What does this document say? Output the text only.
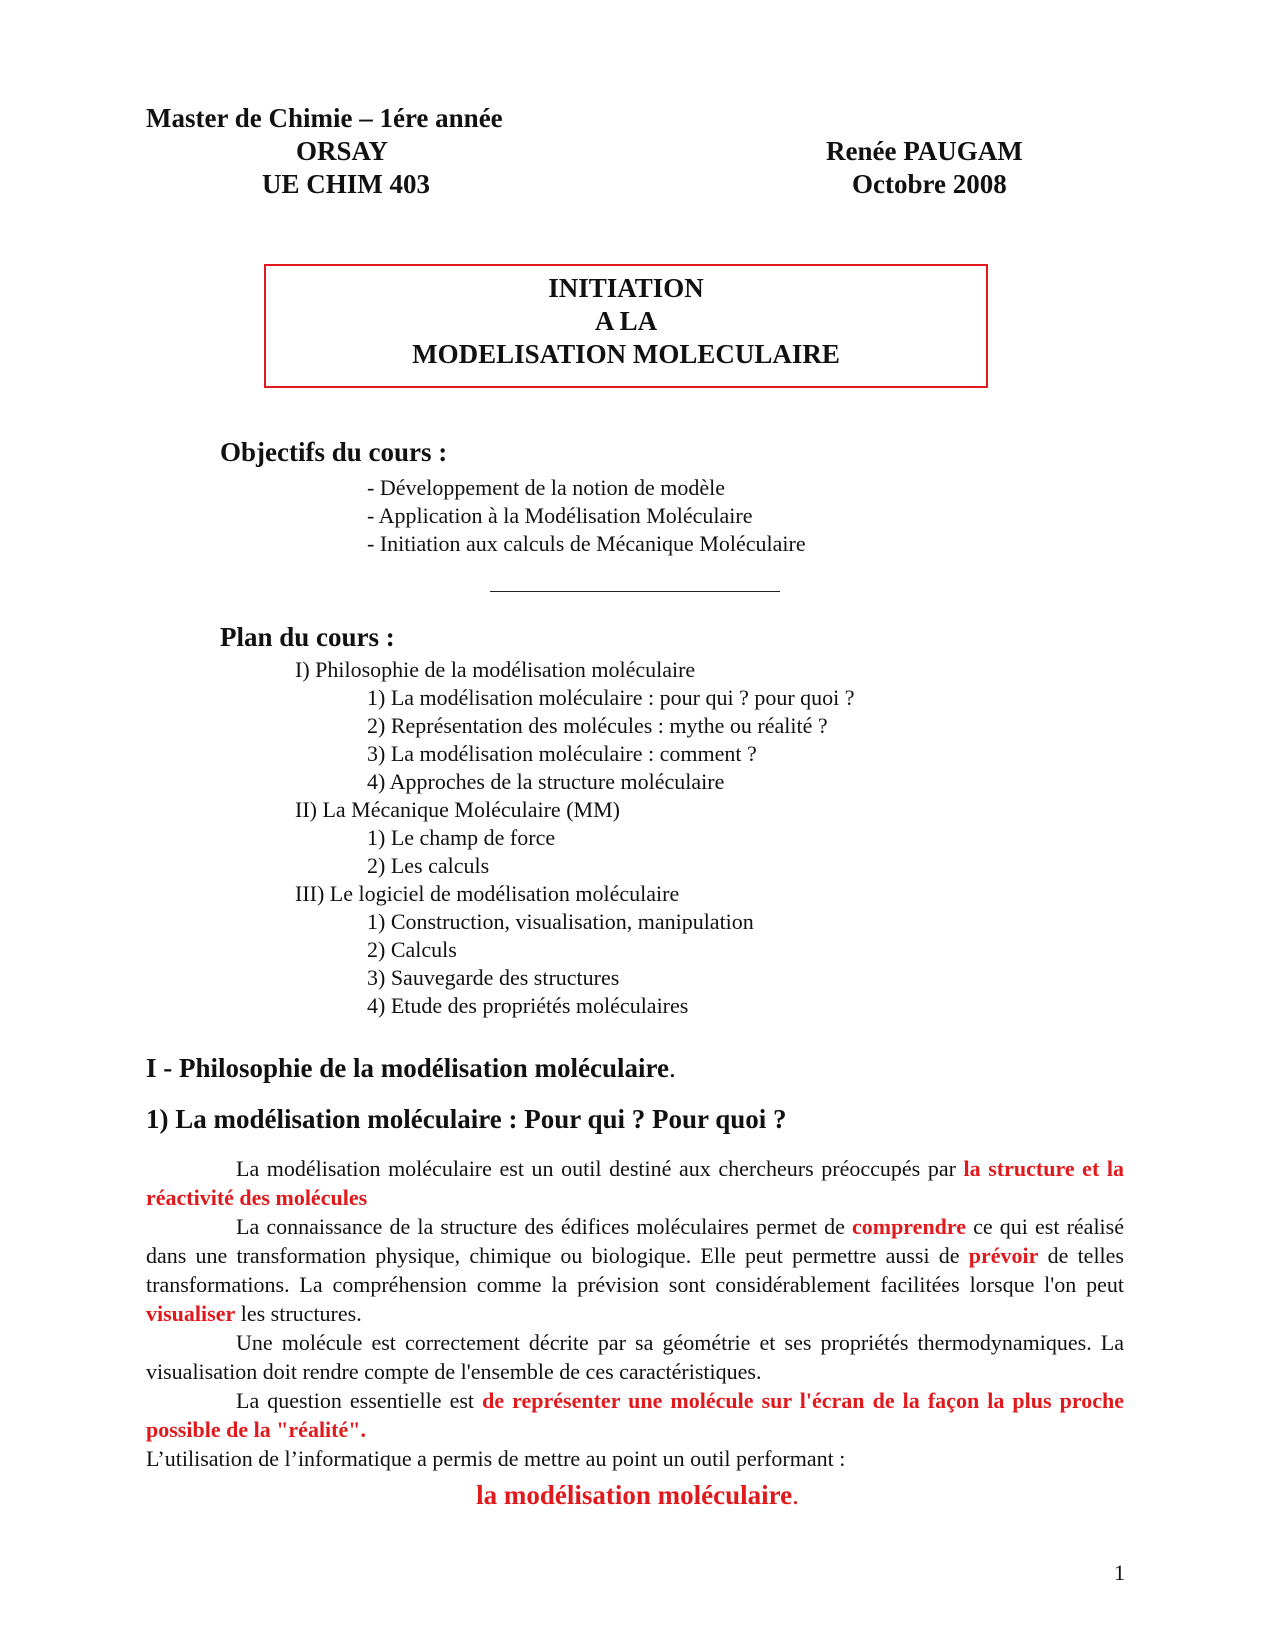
Master de Chimie – 1ére année
ORSAY
UE CHIM 403
Renée PAUGAM
Octobre 2008
INITIATION
A LA
MODELISATION MOLECULAIRE
Objectifs du cours :
- Développement de la notion de modèle
- Application à la Modélisation Moléculaire
- Initiation aux calculs de Mécanique Moléculaire
Plan du cours :
I) Philosophie de la modélisation moléculaire
1) La modélisation moléculaire : pour qui ? pour quoi ?
2) Représentation des molécules : mythe ou réalité ?
3) La modélisation moléculaire : comment ?
4) Approches de la structure moléculaire
II) La Mécanique Moléculaire (MM)
1) Le champ de force
2) Les calculs
III) Le logiciel de modélisation moléculaire
1) Construction, visualisation, manipulation
2) Calculs
3) Sauvegarde des structures
4) Etude des propriétés moléculaires
I - Philosophie de la modélisation moléculaire.
1) La modélisation moléculaire : Pour qui ? Pour quoi ?

La modélisation moléculaire est un outil destiné aux chercheurs préoccupés par la structure et la réactivité des molécules

La connaissance de la structure des édifices moléculaires permet de comprendre ce qui est réalisé dans une transformation physique, chimique ou biologique. Elle peut permettre aussi de prévoir de telles transformations. La compréhension comme la prévision sont considérablement facilitées lorsque l'on peut visualiser les structures.

Une molécule est correctement décrite par sa géométrie et ses propriétés thermodynamiques. La visualisation doit rendre compte de l'ensemble de ces caractéristiques.

La question essentielle est de représenter une molécule sur l'écran de la façon la plus proche possible de la "réalité".

L’utilisation de l’informatique a permis de mettre au point un outil performant :

la modélisation moléculaire.
1
